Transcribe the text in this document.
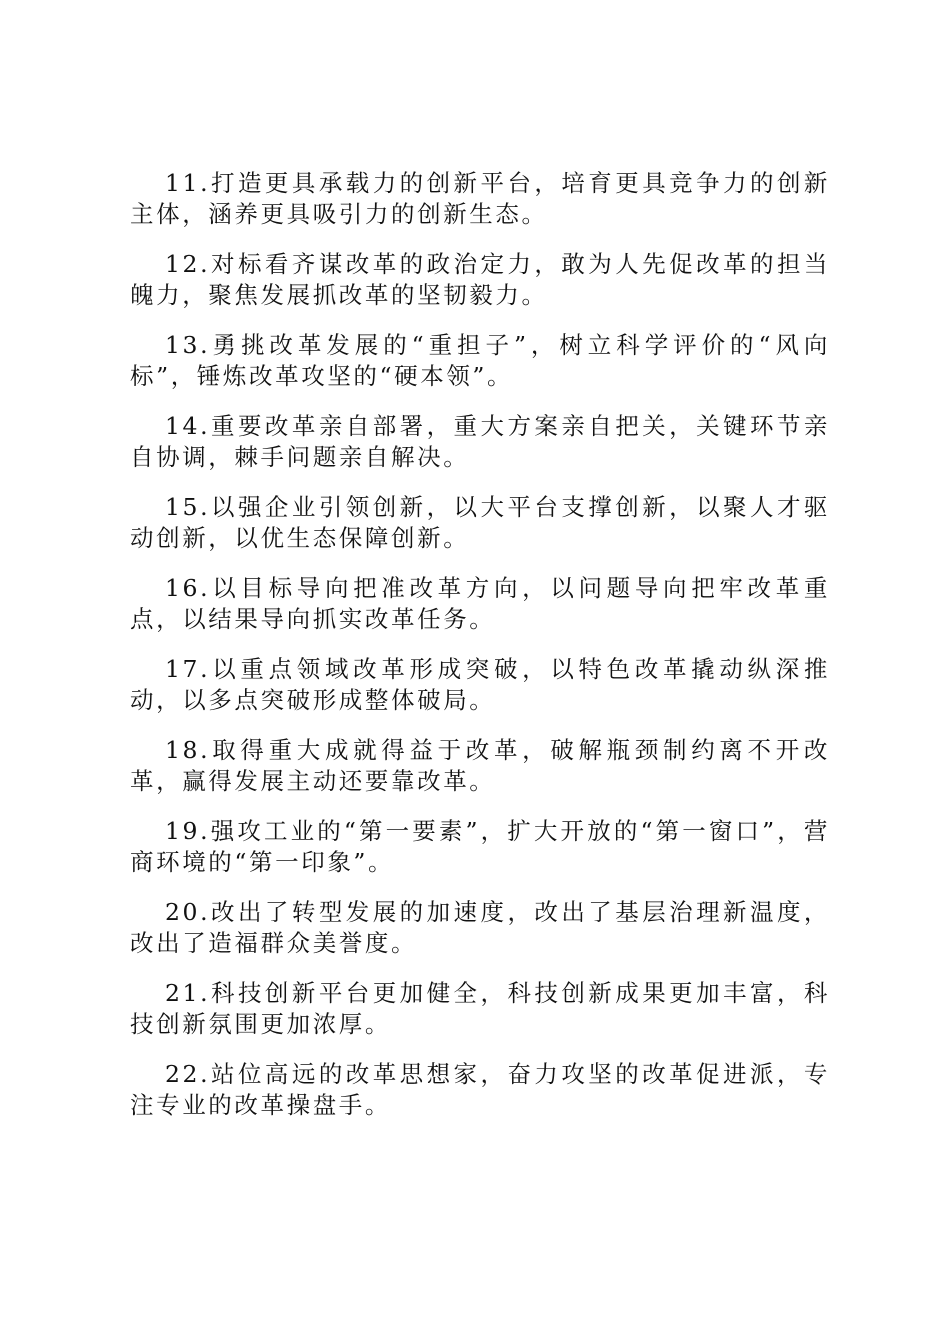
11.打造更具承载力的创新平台，培育更具竞争力的创新主体，涵养更具吸引力的创新生态。

12.对标看齐谋改革的政治定力，敢为人先促改革的担当魄力，聚焦发展抓改革的坚韧毅力。

13.勇挑改革发展的“重担子”，树立科学评价的“风向标”，锤炼改革攻坚的“硬本领”。

14.重要改革亲自部署，重大方案亲自把关，关键环节亲自协调，棘手问题亲自解决。

15.以强企业引领创新，以大平台支撑创新，以聚人才驱动创新，以优生态保障创新。

16.以目标导向把准改革方向，以问题导向把牢改革重点，以结果导向抓实改革任务。

17.以重点领域改革形成突破，以特色改革撬动纵深推动，以多点突破形成整体破局。

18.取得重大成就得益于改革，破解瓶颈制约离不开改革，赢得发展主动还要靠改革。

19.强攻工业的“第一要素”，扩大开放的“第一窗口”，营商环境的“第一印象”。

20.改出了转型发展的加速度，改出了基层治理新温度，改出了造福群众美誉度。

21.科技创新平台更加健全，科技创新成果更加丰富，科技创新氛围更加浓厚。

22.站位高远的改革思想家，奋力攻坚的改革促进派，专注专业的改革操盘手。
